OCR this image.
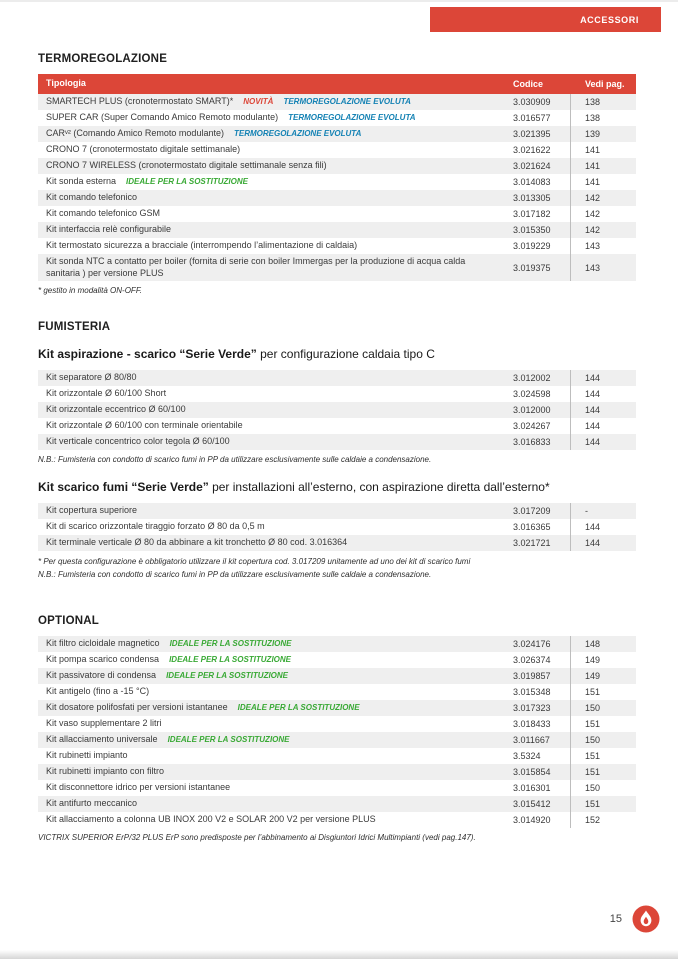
ACCESSORI
TERMOREGOLAZIONE
Tipologia	Codice	Vedi pag.
SMARTECH PLUS (cronotermostato SMART)* NOVITÀ TERMOREGOLAZIONE EVOLUTA	3.030909	138
SUPER CAR (Super Comando Amico Remoto modulante) TERMOREGOLAZIONE EVOLUTA	3.016577	138
CARᵛ² (Comando Amico Remoto modulante) TERMOREGOLAZIONE EVOLUTA	3.021395	139
CRONO 7 (cronotermostato digitale settimanale)	3.021622	141
CRONO 7 WIRELESS (cronotermostato digitale settimanale senza fili)	3.021624	141
Kit sonda esterna IDEALE PER LA SOSTITUZIONE	3.014083	141
Kit comando telefonico	3.013305	142
Kit comando telefonico GSM	3.017182	142
Kit interfaccia relè configurabile	3.015350	142
Kit termostato sicurezza a bracciale (interrompendo l’alimentazione di caldaia)	3.019229	143
Kit sonda NTC a contatto per boiler (fornita di serie con boiler Immergas per la produzione di acqua calda sanitaria ) per versione PLUS	3.019375	143
* gestito in modalità ON-OFF.
FUMISTERIA
Kit aspirazione - scarico “Serie Verde” per configurazione caldaia tipo C
Kit separatore Ø 80/80	3.012002	144
Kit orizzontale Ø 60/100 Short	3.024598	144
Kit orizzontale eccentrico Ø 60/100	3.012000	144
Kit orizzontale Ø 60/100 con terminale orientabile	3.024267	144
Kit verticale concentrico color tegola Ø 60/100	3.016833	144
N.B.: Fumisteria con condotto di scarico fumi in PP da utilizzare esclusivamente sulle caldaie a condensazione.
Kit scarico fumi “Serie Verde” per installazioni all’esterno, con aspirazione diretta dall’esterno*
Kit copertura superiore	3.017209	-
Kit di scarico orizzontale tiraggio forzato Ø 80 da 0,5 m	3.016365	144
Kit terminale verticale Ø 80 da abbinare a kit tronchetto Ø 80 cod. 3.016364	3.021721	144
* Per questa configurazione è obbligatorio utilizzare il kit copertura cod. 3.017209 unitamente ad uno dei kit di scarico fumi
N.B.: Fumisteria con condotto di scarico fumi in PP da utilizzare esclusivamente sulle caldaie a condensazione.
OPTIONAL
Kit filtro cicloidale magnetico IDEALE PER LA SOSTITUZIONE	3.024176	148
Kit pompa scarico condensa IDEALE PER LA SOSTITUZIONE	3.026374	149
Kit passivatore di condensa IDEALE PER LA SOSTITUZIONE	3.019857	149
Kit antigelo (fino a -15 °C)	3.015348	151
Kit dosatore polifosfati per versioni istantanee IDEALE PER LA SOSTITUZIONE	3.017323	150
Kit vaso supplementare 2 litri	3.018433	151
Kit allacciamento universale IDEALE PER LA SOSTITUZIONE	3.011667	150
Kit rubinetti impianto	3.5324	151
Kit rubinetti impianto con filtro	3.015854	151
Kit disconnettore idrico per versioni istantanee	3.016301	150
Kit antifurto meccanico	3.015412	151
Kit allacciamento a colonna UB INOX 200 V2 e SOLAR 200 V2 per versione PLUS	3.014920	152
VICTRIX SUPERIOR ErP/32 PLUS ErP sono predisposte per l’abbinamento ai Disgiuntori Idrici Multimpianti (vedi pag.147).
15
